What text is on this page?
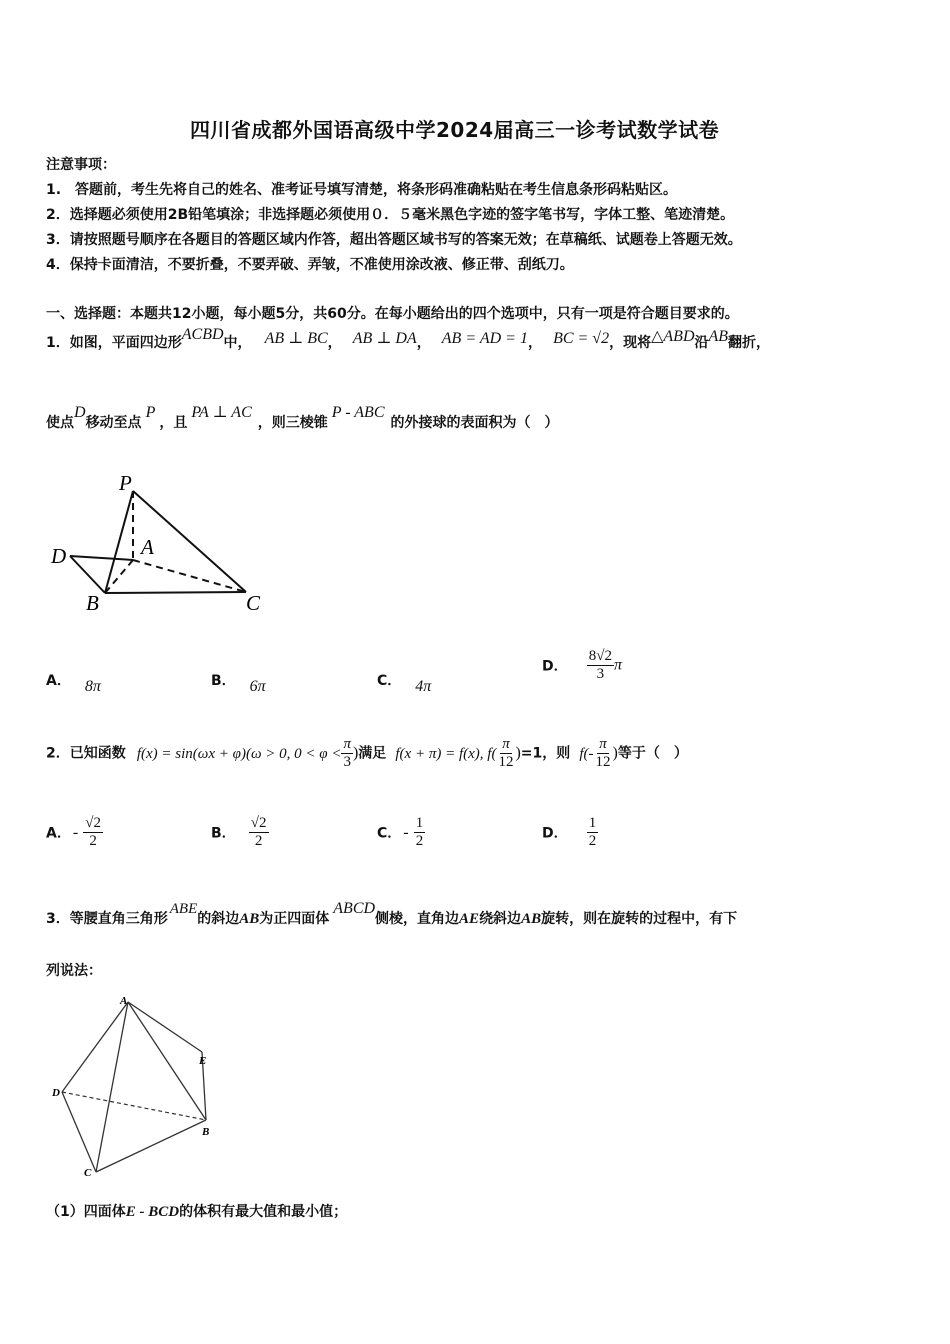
四川省成都外国语高级中学2024届高三一诊考试数学试卷
注意事项：
1.　答题前，考生先将自己的姓名、准考证号填写清楚，将条形码准确粘贴在考生信息条形码粘贴区。
2．选择题必须使用2B铅笔填涂；非选择题必须使用０．５毫米黑色字迹的签字笔书写，字体工整、笔迹清楚。
3．请按照题号顺序在各题目的答题区域内作答，超出答题区域书写的答案无效；在草稿纸、试题卷上答题无效。
4．保持卡面清洁，不要折叠，不要弄破、弄皱，不准使用涂改液、修正带、刮纸刀。
一、选择题：本题共12小题，每小题5分，共60分。在每小题给出的四个选项中，只有一项是符合题目要求的。
1．如图，平面四边形ACBD中， AB ⊥ BC， AB ⊥ DA， AB = AD = 1， BC = √2，现将△ABD沿AB翻折，
使点D移动至点P，且PA ⊥ AC，则三棱锥P - ABC的外接球的表面积为（　）
P
A
D
B	C
A． 8π	B． 6π	C． 4π
D． $\frac{8√2}{3}$ π
2．已知函数 f(x) = sin(ωx + φ)(ω > 0, $0 < \varphi < \frac{\pi}{3}$ )满足 f(x + π) = f(x), $f( \frac{\pi}{12} )=1$，则 $f(- \frac{\pi}{12}$ )等于（　）
A． - $\frac{√2}{2}$	B． $\frac{√2}{2}$	C． - $\frac{1}{2}$	D． $\frac{1}{2}$
3．等腰直角三角形ABE的斜边AB为正四面体ABCD侧棱，直角边AE绕斜边AB旋转，则在旋转的过程中，有下
列说法：
A
E
D
B
C
（1）四面体E - BCD的体积有最大值和最小值；
